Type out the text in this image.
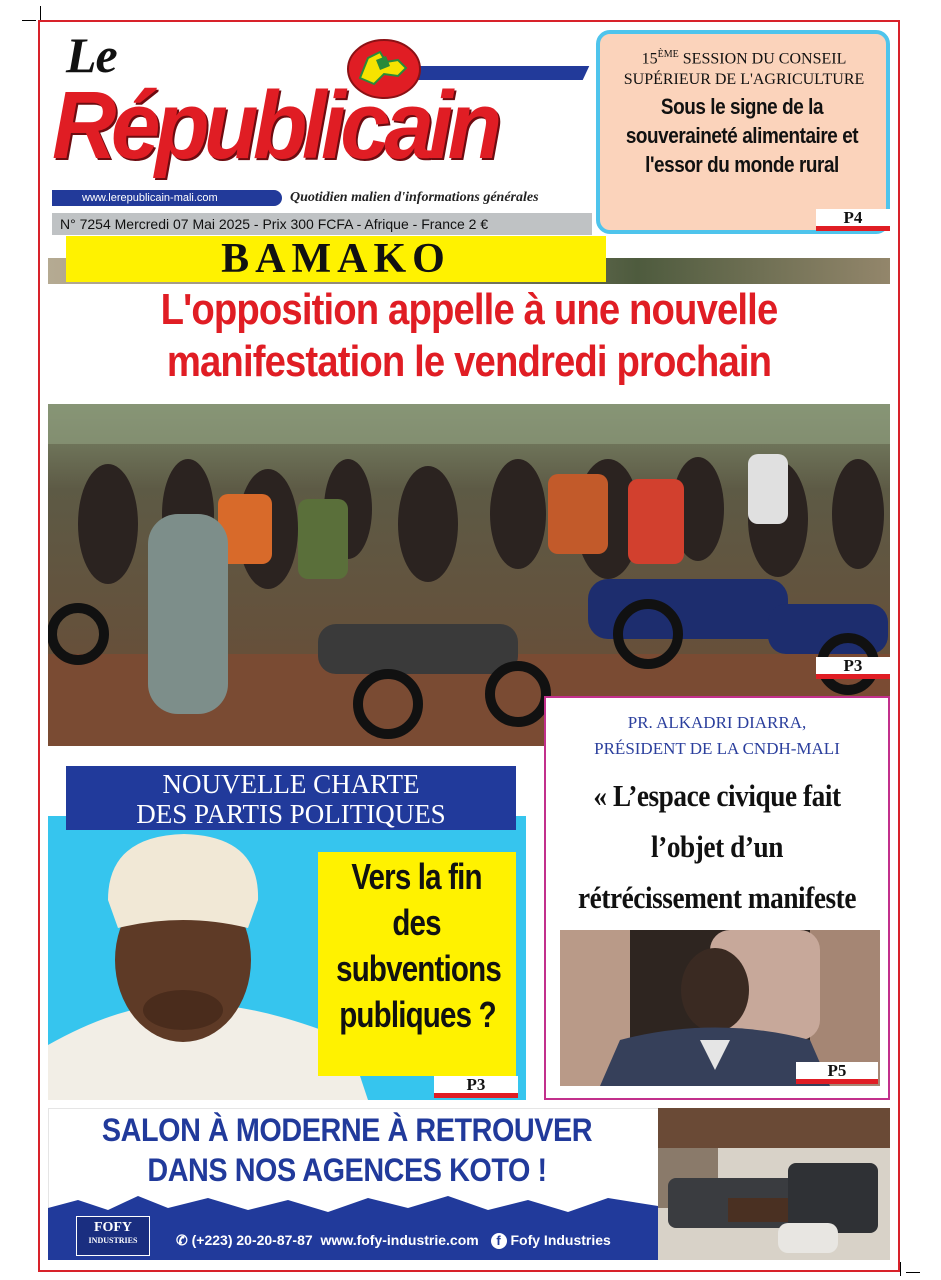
Le
Républicain
www.lerepublicain-mali.com	Quotidien malien d'informations générales
N° 7254 Mercredi 07 Mai 2025 - Prix 300 FCFA - Afrique - France 2 €
15ÈME SESSION DU CONSEIL SUPÉRIEUR DE L'AGRICULTURE
Sous le signe de la souveraineté alimentaire et l'essor du monde rural
P4
BAMAKO
L'opposition appelle à une nouvelle
manifestation le vendredi prochain
P3
PR. ALKADRI DIARRA,
PRÉSIDENT DE LA CNDH-MALI
« L’espace civique fait
l’objet d’un
rétrécissement manifeste
P5
NOUVELLE CHARTE
DES PARTIS POLITIQUES
Vers la fin
des
subventions
publiques ?
P3
SALON À MODERNE À RETROUVER
DANS NOS AGENCES KOTO !
FOFY
INDUSTRIES	✆ (+223) 20-20-87-87 www.fofy-industrie.com f Fofy Industries
